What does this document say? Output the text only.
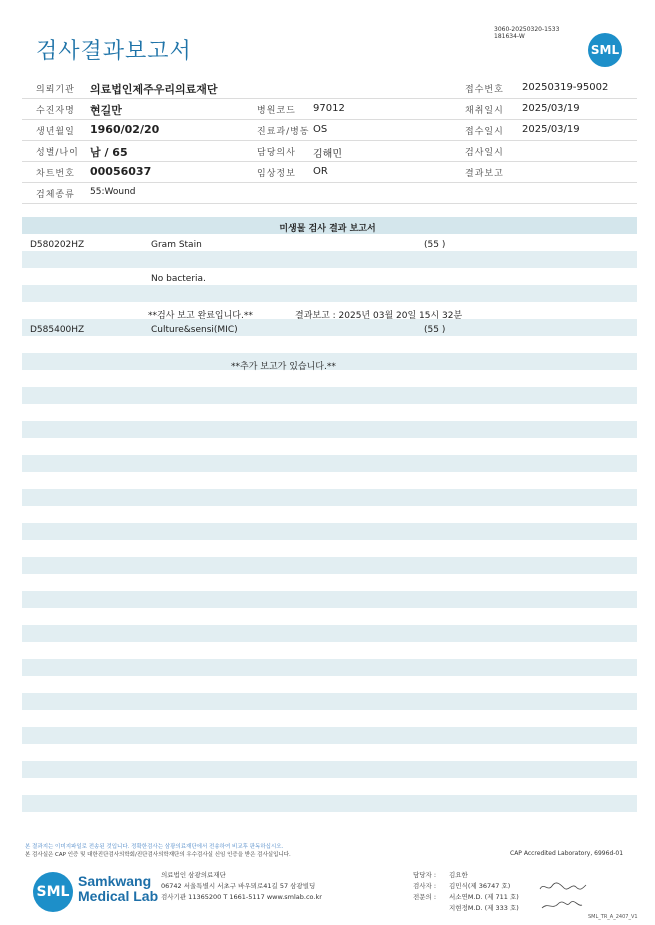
3060-20250320-1533
181634-W
검사결과보고서	SML
의뢰기관 의료법인제주우리의료재단	접수번호 20250319-95002
수진자명 현길만	병원코드 97012	채취일시 2025/03/19
생년월일 1960/02/20	진료과/병동 OS	접수일시 2025/03/19
성별/나이 남 / 65	담당의사 김해민	검사일시
차트번호 00056037	임상정보 OR	결과보고
검체종류 55:Wound
미생물 검사 결과 보고서
D580202HZ	Gram Stain	(55 )
No bacteria.
**검사 보고 완료입니다.**	결과보고 : 2025년 03월 20일 15시 32분
D585400HZ	Culture&sensi(MIC)	(55 )
**추가 보고가 있습니다.**
본 결과지는 이미지파일로 전송된 것입니다. 정확한검사는 삼광의료재단에서 전송하여 비교후 판독하십시오.
본 검사실은 CAP 인증 및 대한진단검사의학회/진단검사의학재단의 우수검사실 신임 인증을 받은 검사실입니다.	CAP Accredited Laboratory, 6996d-01
SML
Samkwang
Medical Lab
의료법인 삼광의료재단
06742 서울특별시 서초구 바우뫼로41길 57 삼광빌딩
검사기관 11365200 T 1661-5117 www.smlab.co.kr
담당자 :	김요한
검사자 :	김민식(제 36747 호)
전문의 :	서소연M.D. (제 711 호)
지현정M.D. (제 333 호)
SML_TR_A_2407_V1
